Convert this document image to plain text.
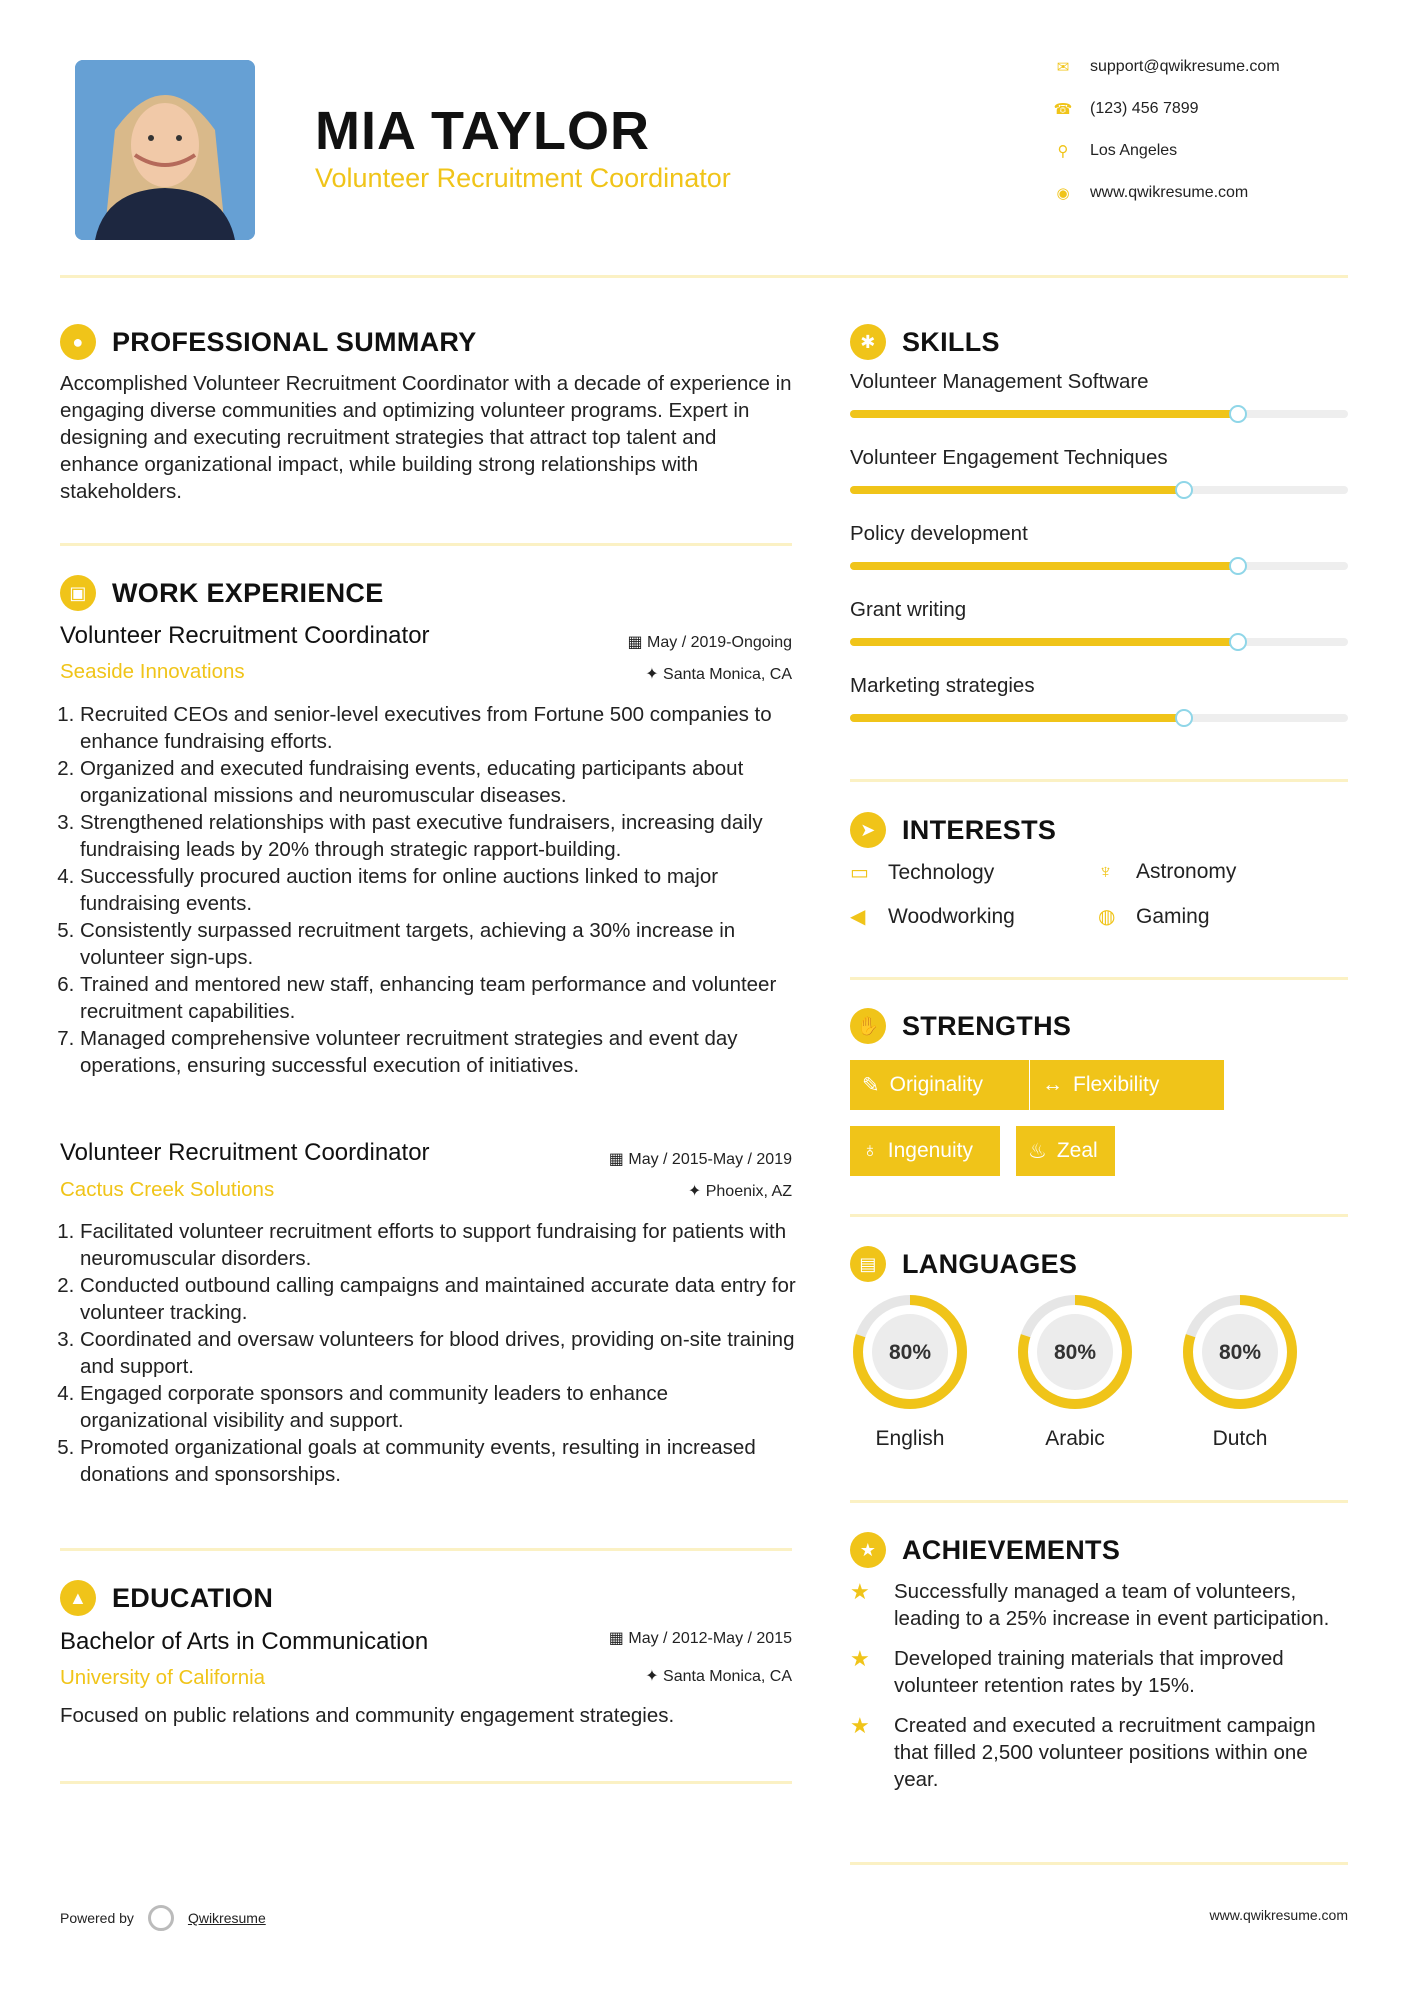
MIA TAYLOR
Volunteer Recruitment Coordinator
✉	support@qwikresume.com
☎ (123) 456 7899
⚲	Los Angeles
◉	www.qwikresume.com
●	PROFESSIONAL SUMMARY
Accomplished Volunteer Recruitment Coordinator with a decade of experience in engaging diverse communities and optimizing volunteer programs. Expert in designing and executing recruitment strategies that attract top talent and enhance organizational impact, while building strong relationships with stakeholders.
▣ WORK EXPERIENCE
Volunteer Recruitment Coordinator	▦ May / 2019-Ongoing
Seaside Innovations	✦ Santa Monica, CA
1. Recruited CEOs and senior-level executives from Fortune 500 companies to enhance fundraising efforts.
2. Organized and executed fundraising events, educating participants about organizational missions and neuromuscular diseases.
3. Strengthened relationships with past executive fundraisers, increasing daily fundraising leads by 20% through strategic rapport-building.
4. Successfully procured auction items for online auctions linked to major fundraising events.
5. Consistently surpassed recruitment targets, achieving a 30% increase in volunteer sign-ups.
6. Trained and mentored new staff, enhancing team performance and volunteer recruitment capabilities.
7. Managed comprehensive volunteer recruitment strategies and event day operations, ensuring successful execution of initiatives.
Volunteer Recruitment Coordinator	▦ May / 2015-May / 2019
Cactus Creek Solutions	✦ Phoenix, AZ
1. Facilitated volunteer recruitment efforts to support fundraising for patients with neuromuscular disorders.
2. Conducted outbound calling campaigns and maintained accurate data entry for volunteer tracking.
3. Coordinated and oversaw volunteers for blood drives, providing on-site training and support.
4. Engaged corporate sponsors and community leaders to enhance organizational visibility and support.
5. Promoted organizational goals at community events, resulting in increased donations and sponsorships.
▲ EDUCATION
Bachelor of Arts in Communication	▦ May / 2012-May / 2015
University of California	✦ Santa Monica, CA
Focused on public relations and community engagement strategies.
✱ SKILLS
Volunteer Management Software
Volunteer Engagement Techniques
Policy development
Grant writing
Marketing strategies
➤ INTERESTS
▭ Technology	♆	Astronomy
◀	Woodworking	◍ Gaming
✋ STRENGTHS
✎ Originality	↔ Flexibility
♁ Ingenuity	♨ Zeal
▤ LANGUAGES
80%
English
80%
Arabic
80%
Dutch
★ ACHIEVEMENTS
★	Successfully managed a team of volunteers, leading to a 25% increase in event participation.
★	Developed training materials that improved volunteer retention rates by 15%.
★	Created and executed a recruitment campaign that filled 2,500 volunteer positions within one year.
Powered by	Qwikresume	www.qwikresume.com
